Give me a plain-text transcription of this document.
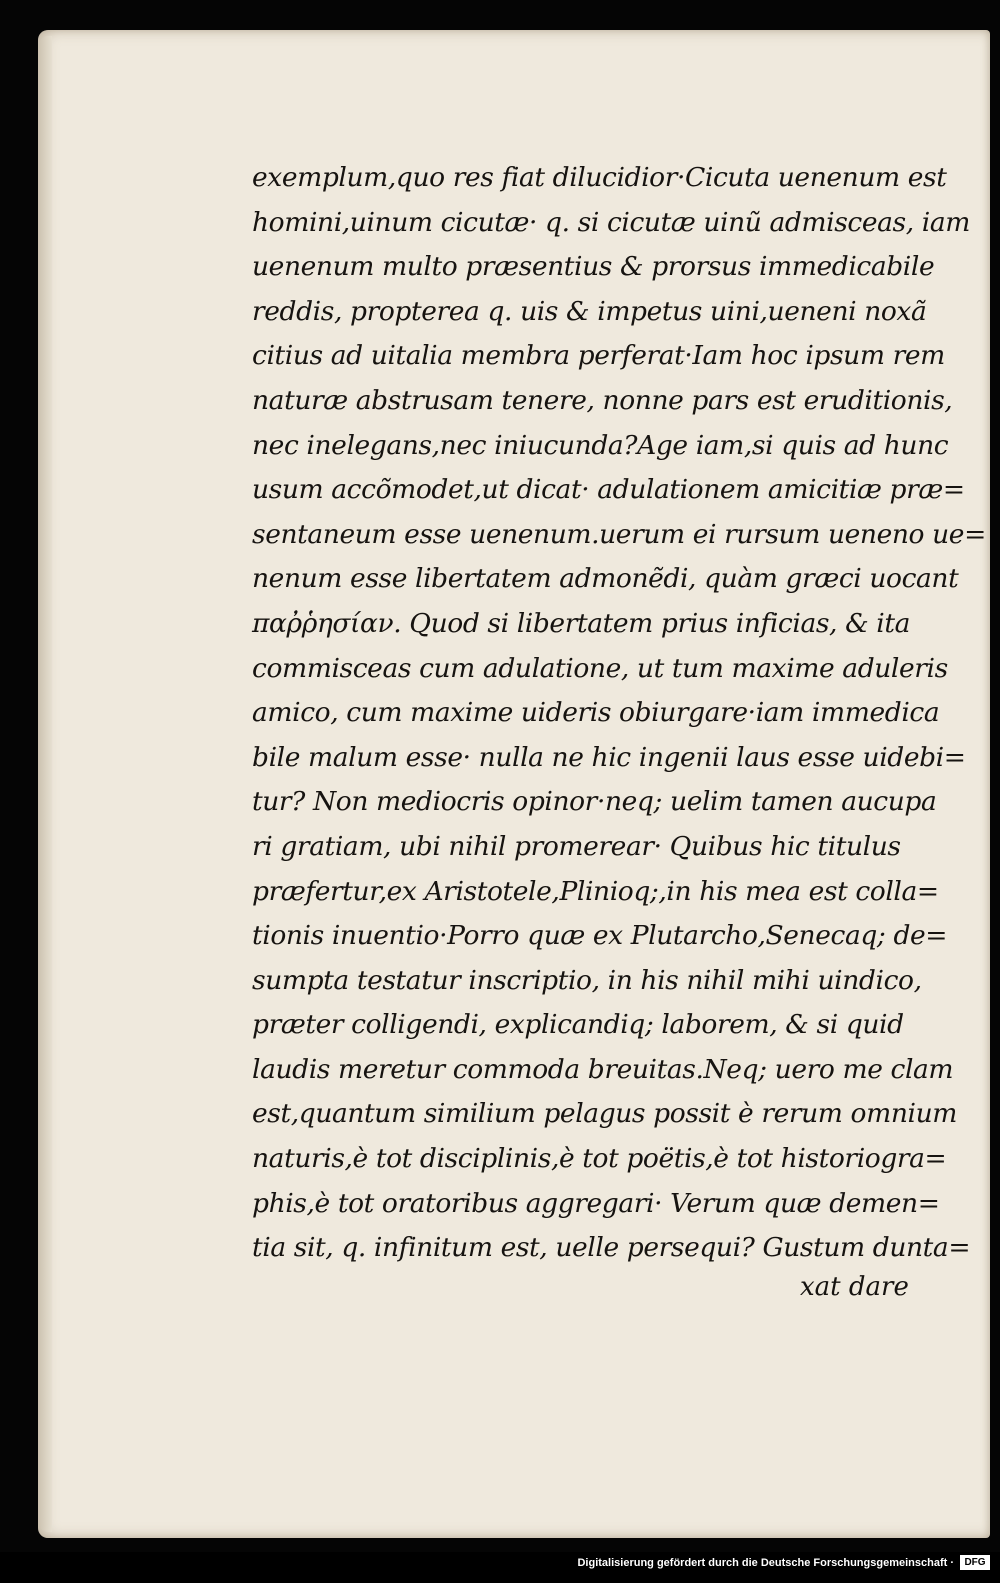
exemplum,quo res fiat dilucidior·Cicuta uenenum est
homini,uinum cicutæ· q. si cicutæ uinũ admisceas, iam
uenenum multo præsentius & prorsus immedicabile
reddis, propterea q. uis & impetus uini,ueneni noxã
citius ad uitalia membra perferat·Iam hoc ipsum rem
naturæ abstrusam tenere, nonne pars est eruditionis,
nec inelegans,nec iniucunda?Age iam,si quis ad hunc
usum accõmodet,ut dicat· adulationem amicitiæ præ=
sentaneum esse uenenum.uerum ei rursum ueneno ue=
nenum esse libertatem admonẽdi, quàm græci uocant
παῤῥησίαν. Quod si libertatem prius inficias, & ita
commisceas cum adulatione, ut tum maxime aduleris
amico, cum maxime uideris obiurgare·iam immedica
bile malum esse· nulla ne hic ingenii laus esse uidebi=
tur? Non mediocris opinor·neq; uelim tamen aucupa
ri gratiam, ubi nihil promerear· Quibus hic titulus
præfertur,ex Aristotele,Plinioq;,in his mea est colla=
tionis inuentio·Porro quæ ex Plutarcho,Senecaq; de=
sumpta testatur inscriptio, in his nihil mihi uindico,
præter colligendi, explicandiq; laborem, & si quid
laudis meretur commoda breuitas.Neq; uero me clam
est,quantum similium pelagus possit è rerum omnium
naturis,è tot disciplinis,è tot poëtis,è tot historiogra=
phis,è tot oratoribus aggregari· Verum quæ demen=
tia sit, q. infinitum est, uelle persequi? Gustum dunta=
xat dare
Digitalisierung gefördert durch die Deutsche Forschungsgemeinschaft ·	DFG
